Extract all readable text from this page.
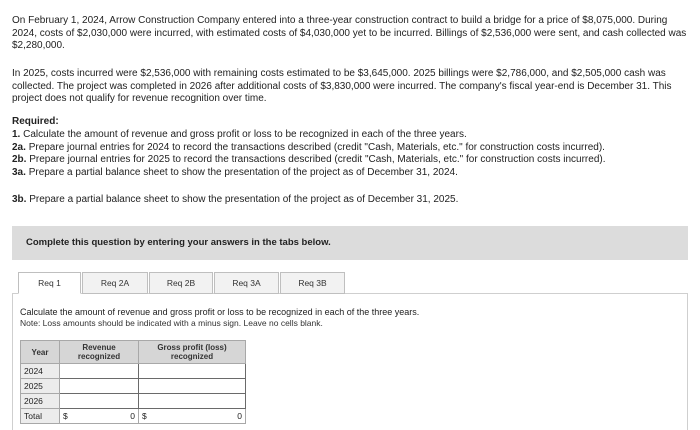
On February 1, 2024, Arrow Construction Company entered into a three-year construction contract to build a bridge for a price of $8,075,000. During 2024, costs of $2,030,000 were incurred, with estimated costs of $4,030,000 yet to be incurred. Billings of $2,536,000 were sent, and cash collected was $2,280,000.

In 2025, costs incurred were $2,536,000 with remaining costs estimated to be $3,645,000. 2025 billings were $2,786,000, and $2,505,000 cash was collected. The project was completed in 2026 after additional costs of $3,830,000 were incurred. The company's fiscal year-end is December 31. This project does not qualify for revenue recognition over time.

Required:

1. Calculate the amount of revenue and gross profit or loss to be recognized in each of the three years.
2a. Prepare journal entries for 2024 to record the transactions described (credit "Cash, Materials, etc." for construction costs incurred).
2b. Prepare journal entries for 2025 to record the transactions described (credit "Cash, Materials, etc." for construction costs incurred).
3a. Prepare a partial balance sheet to show the presentation of the project as of December 31, 2024.
3b. Prepare a partial balance sheet to show the presentation of the project as of December 31, 2025.
Complete this question by entering your answers in the tabs below.
Req 1	Req 2A	Req 2B	Req 3A	Req 3B
Calculate the amount of revenue and gross profit or loss to be recognized in each of the three years.
Note: Loss amounts should be indicated with a minus sign. Leave no cells blank.
Year	Revenue recognized	Gross profit (loss) recognized
2024		
2025		
2026		
Total	$ 0	$ 0
